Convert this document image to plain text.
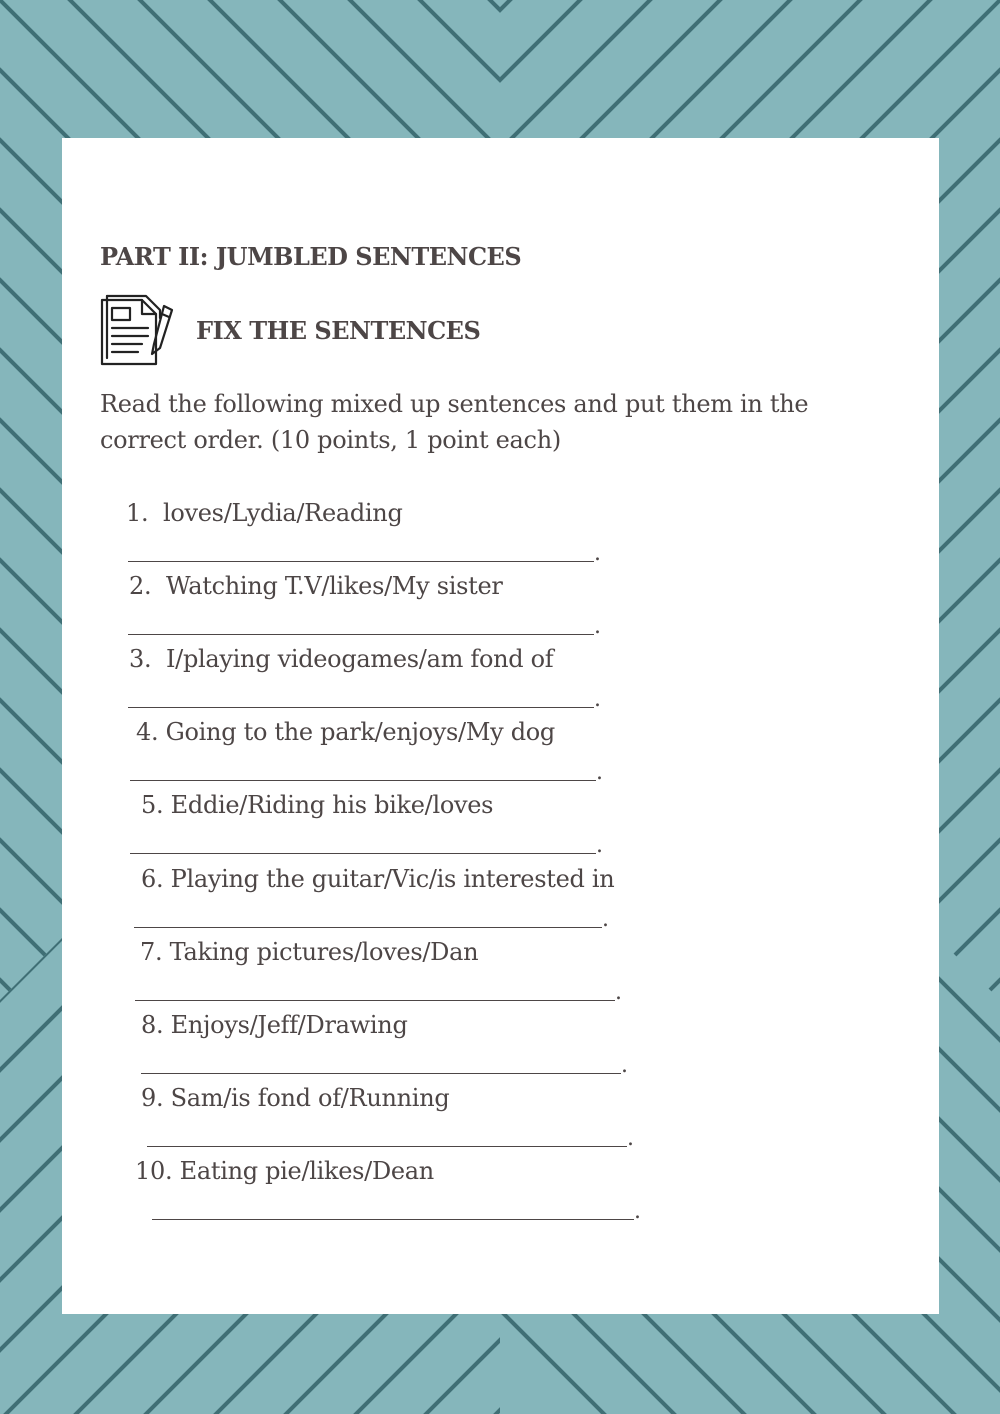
PART II: JUMBLED SENTENCES
FIX THE SENTENCES

Read the following mixed up sentences and put them in the correct order. (10 points, 1 point each)

1. loves/Lydia/Reading
.
2. Watching T.V/likes/My sister
.
3. I/playing videogames/am fond of
.
4. Going to the park/enjoys/My dog
.
5. Eddie/Riding his bike/loves
.
6. Playing the guitar/Vic/is interested in
.
7. Taking pictures/loves/Dan
.
8. Enjoys/Jeff/Drawing
.
9. Sam/is fond of/Running
.
10. Eating pie/likes/Dean
.
